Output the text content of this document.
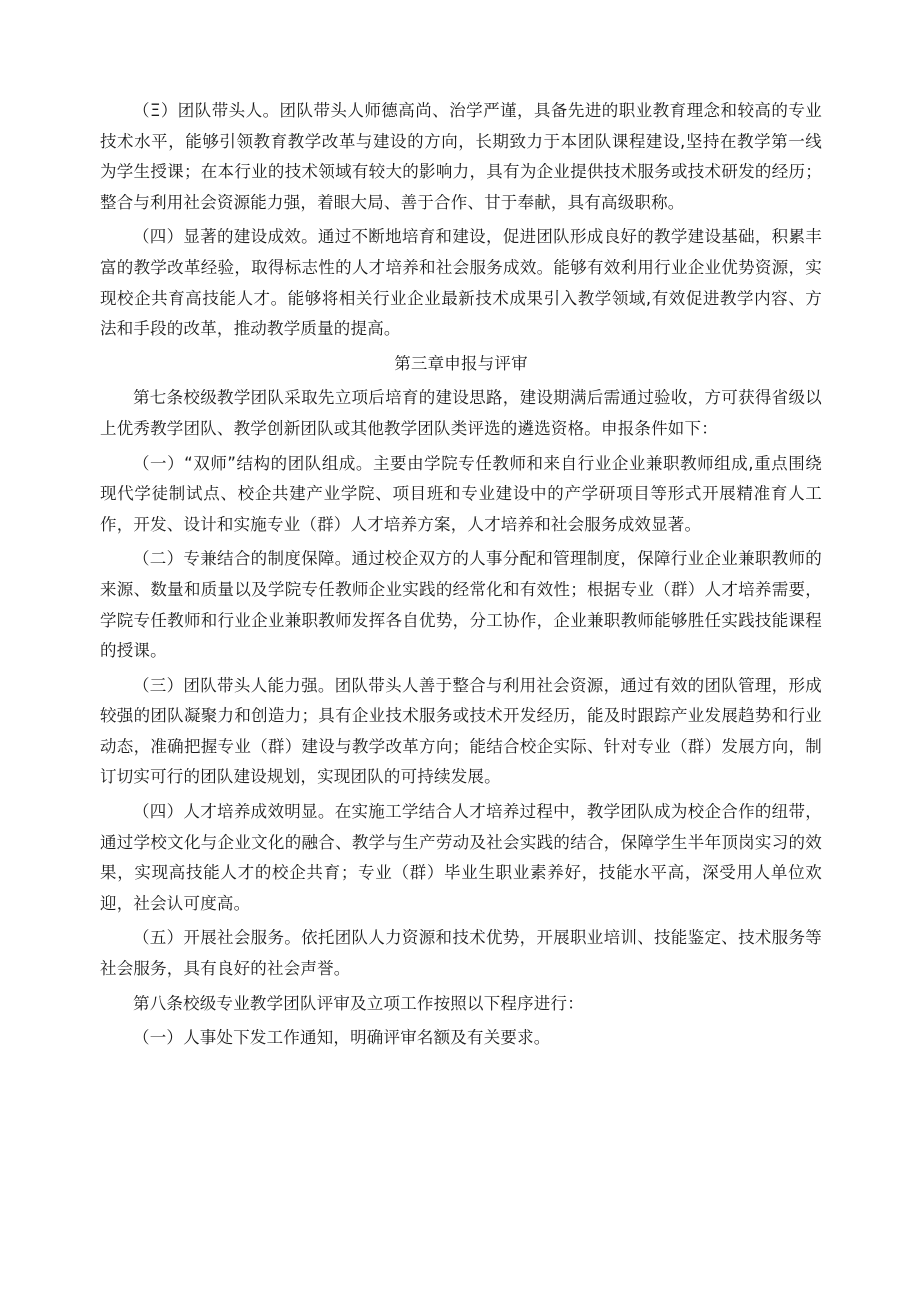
（Ξ）团队带头人。团队带头人师德高尚、治学严谨，具备先进的职业教育理念和较高的专业技术水平，能够引领教育教学改革与建设的方向，长期致力于本团队课程建设,坚持在教学第一线为学生授课；在本行业的技术领域有较大的影响力，具有为企业提供技术服务或技术研发的经历；整合与利用社会资源能力强，着眼大局、善于合作、甘于奉献，具有高级职称。

（四）显著的建设成效。通过不断地培育和建设，促进团队形成良好的教学建设基础，积累丰富的教学改革经验，取得标志性的人才培养和社会服务成效。能够有效利用行业企业优势资源，实现校企共育高技能人才。能够将相关行业企业最新技术成果引入教学领域,有效促进教学内容、方法和手段的改革，推动教学质量的提高。

第三章申报与评审

第七条校级教学团队采取先立项后培育的建设思路，建设期满后需通过验收，方可获得省级以上优秀教学团队、教学创新团队或其他教学团队类评选的遴选资格。申报条件如下：

（一）“双师”结构的团队组成。主要由学院专任教师和来自行业企业兼职教师组成,重点围绕现代学徒制试点、校企共建产业学院、项目班和专业建设中的产学研项目等形式开展精准育人工作，开发、设计和实施专业（群）人才培养方案，人才培养和社会服务成效显著。

（二）专兼结合的制度保障。通过校企双方的人事分配和管理制度，保障行业企业兼职教师的来源、数量和质量以及学院专任教师企业实践的经常化和有效性；根据专业（群）人才培养需要，学院专任教师和行业企业兼职教师发挥各自优势，分工协作，企业兼职教师能够胜任实践技能课程的授课。

（三）团队带头人能力强。团队带头人善于整合与利用社会资源，通过有效的团队管理，形成较强的团队凝聚力和创造力；具有企业技术服务或技术开发经历，能及时跟踪产业发展趋势和行业动态，准确把握专业（群）建设与教学改革方向；能结合校企实际、针对专业（群）发展方向，制订切实可行的团队建设规划，实现团队的可持续发展。

（四）人才培养成效明显。在实施工学结合人才培养过程中，教学团队成为校企合作的纽带，通过学校文化与企业文化的融合、教学与生产劳动及社会实践的结合，保障学生半年顶岗实习的效果，实现高技能人才的校企共育；专业（群）毕业生职业素养好，技能水平高，深受用人单位欢迎，社会认可度高。

（五）开展社会服务。依托团队人力资源和技术优势，开展职业培训、技能鉴定、技术服务等社会服务，具有良好的社会声誉。

第八条校级专业教学团队评审及立项工作按照以下程序进行：

（一）人事处下发工作通知，明确评审名额及有关要求。
